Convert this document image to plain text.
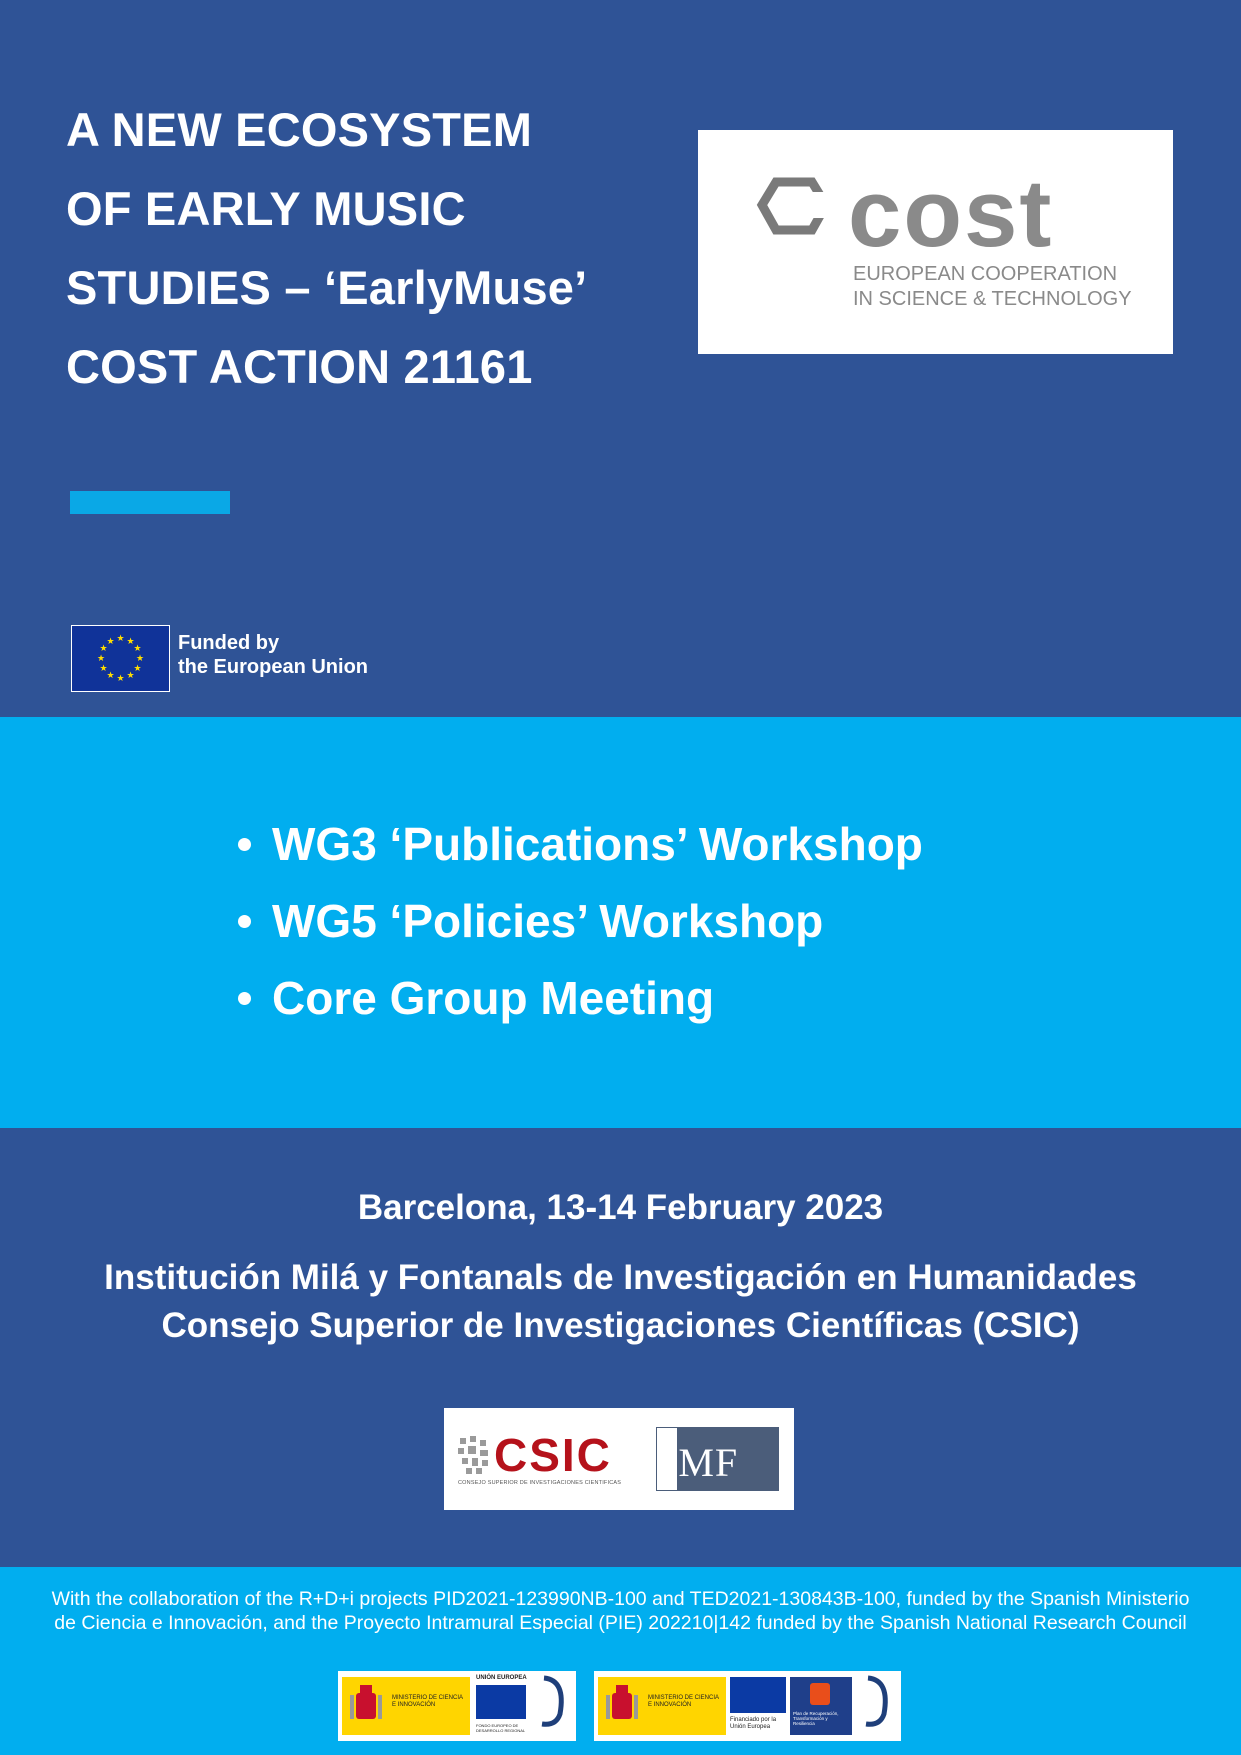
A NEW ECOSYSTEM
OF EARLY MUSIC
STUDIES – ‘EarlyMuse’
COST ACTION 21161
cost
EUROPEAN COOPERATION
IN SCIENCE & TECHNOLOGY
★ ★
★
★
★
★
★
★
★
★
★
★	Funded by
the European Union
WG3 ‘Publications’ Workshop
WG5 ‘Policies’ Workshop
Core Group Meeting
Barcelona, 13-14 February 2023
Institución Milá y Fontanals de Investigación en Humanidades
Consejo Superior de Investigaciones Científicas (CSIC)
CSIC
CONSEJO SUPERIOR DE INVESTIGACIONES CIENTÍFICAS IMF
With the collaboration of the R+D+i projects PID2021-123990NB-100 and TED2021-130843B-100, funded by the Spanish Ministerio de Ciencia e Innovación, and the Proyecto Intramural Especial (PIE) 202210|142 funded by the Spanish National Research Council
MINISTERIO DE CIENCIA E INNOVACIÓN
UNIÓN EUROPEA
FONDO EUROPEO DE DESARROLLO REGIONAL
MINISTERIO DE CIENCIA E INNOVACIÓN
Financiado por la Unión Europea
Plan de Recuperación, Transformación y Resiliencia
